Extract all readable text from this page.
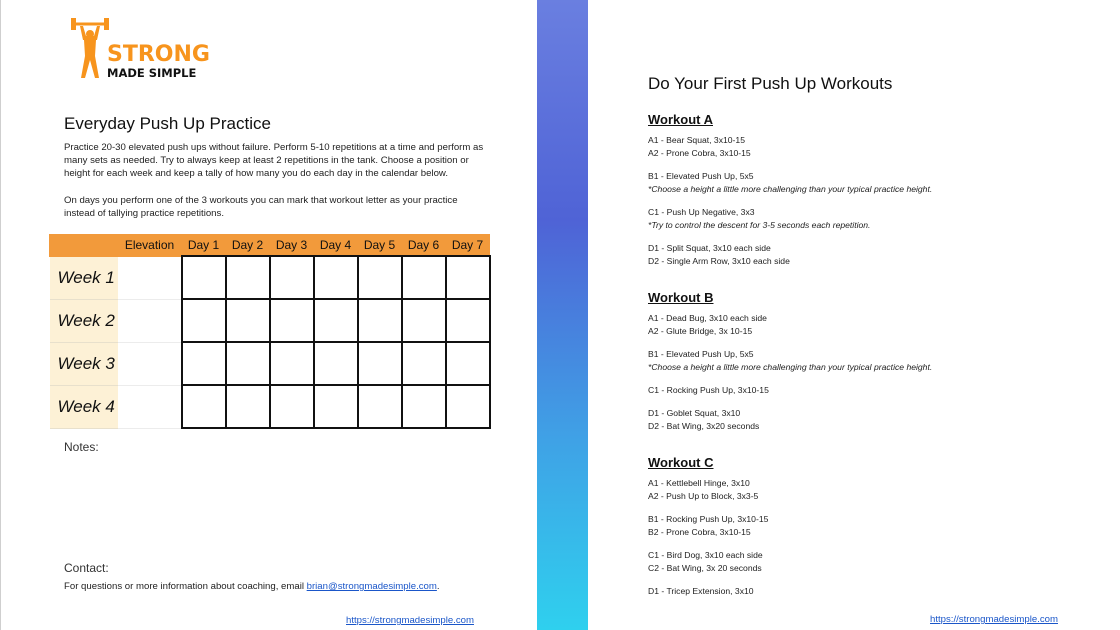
STRONG
MADE SIMPLE
Everyday Push Up Practice

Practice 20-30 elevated push ups without failure. Perform 5-10 repetitions at a time and perform as many sets as needed. Try to always keep at least 2 repetitions in the tank. Choose a position or height for each week and keep a tally of how many you do each day in the calendar below.

On days you perform one of the 3 workouts you can mark that workout letter as your practice instead of tallying practice repetitions.

	Elevation	Day 1	Day 2	Day 3	Day 4	Day 5	Day 6	Day 7
Week 1								
Week 2								
Week 3								
Week 4								
Notes:
Contact:
For questions or more information about coaching, email brian@strongmadesimple.com.
https://strongmadesimple.com
Do Your First Push Up Workouts
Workout A
A1 - Bear Squat, 3x10-15
A2 - Prone Cobra, 3x10-15
B1 - Elevated Push Up, 5x5
*Choose a height a little more challenging than your typical practice height.
C1 - Push Up Negative, 3x3
*Try to control the descent for 3-5 seconds each repetition.
D1 - Split Squat, 3x10 each side
D2 - Single Arm Row, 3x10 each side
Workout B
A1 - Dead Bug, 3x10 each side
A2 - Glute Bridge, 3x 10-15
B1 - Elevated Push Up, 5x5
*Choose a height a little more challenging than your typical practice height.
C1 - Rocking Push Up, 3x10-15
D1 - Goblet Squat, 3x10
D2 - Bat Wing, 3x20 seconds
Workout C
A1 - Kettlebell Hinge, 3x10
A2 - Push Up to Block, 3x3-5
B1 - Rocking Push Up, 3x10-15
B2 - Prone Cobra, 3x10-15
C1 - Bird Dog, 3x10 each side
C2 - Bat Wing, 3x 20 seconds
D1 - Tricep Extension, 3x10
https://strongmadesimple.com
